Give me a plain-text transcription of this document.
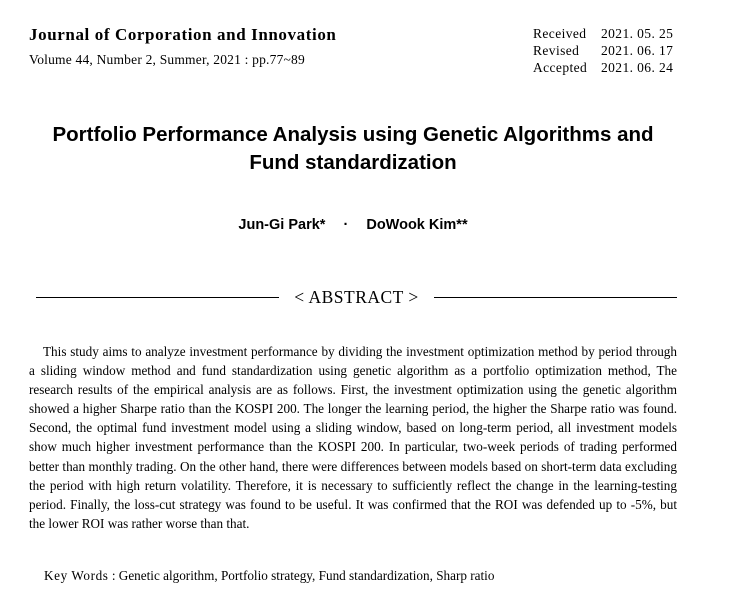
Journal of Corporation and Innovation
Volume 44, Number 2, Summer, 2021 : pp.77~89
Received	2021. 05. 25
Revised	2021. 06. 17
Accepted	2021. 06. 24
Portfolio Performance Analysis using Genetic Algorithms and
Fund standardization
Jun-Gi Park* · DoWook Kim**
< ABSTRACT >
This study aims to analyze investment performance by dividing the investment optimization method by period through a sliding window method and fund standardization using genetic algorithm as a portfolio optimization method, The research results of the empirical analysis are as follows. First, the investment optimization using the genetic algorithm showed a higher Sharpe ratio than the KOSPI 200. The longer the learning period, the higher the Sharpe ratio was found. Second, the optimal fund investment model using a sliding window, based on long-term period, all investment models show much higher investment performance than the KOSPI 200. In particular, two-week periods of trading performed better than monthly trading. On the other hand, there were differences between models based on short-term data excluding the period with high return volatility. Therefore, it is necessary to sufficiently reflect the change in the learning-testing period. Finally, the loss-cut strategy was found to be useful. It was confirmed that the ROI was defended up to -5%, but the lower ROI was rather worse than that.
Key Words : Genetic algorithm, Portfolio strategy, Fund standardization, Sharp ratio
